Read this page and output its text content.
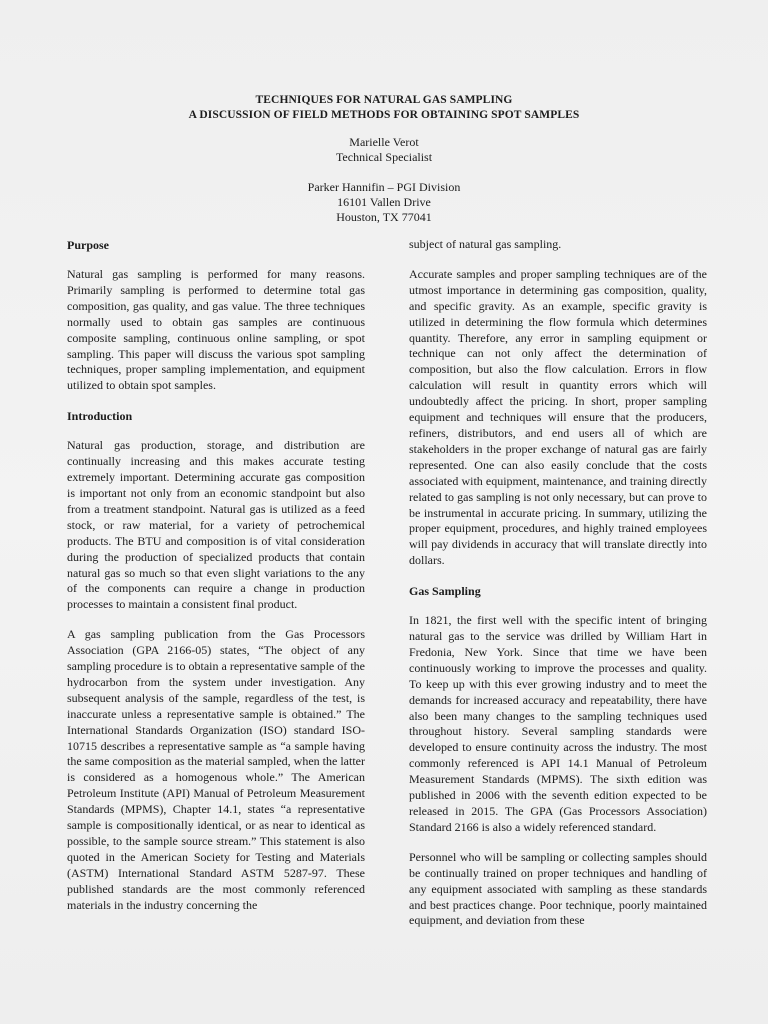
TECHNIQUES FOR NATURAL GAS SAMPLING
A DISCUSSION OF FIELD METHODS FOR OBTAINING SPOT SAMPLES
Marielle Verot
Technical Specialist
Parker Hannifin – PGI Division
16101 Vallen Drive
Houston, TX 77041

Purpose

Natural gas sampling is performed for many reasons. Primarily sampling is performed to determine total gas composition, gas quality, and gas value. The three techniques normally used to obtain gas samples are continuous composite sampling, continuous online sampling, or spot sampling. This paper will discuss the various spot sampling techniques, proper sampling implementation, and equipment utilized to obtain spot samples.

Introduction

Natural gas production, storage, and distribution are continually increasing and this makes accurate testing extremely important. Determining accurate gas composition is important not only from an economic standpoint but also from a treatment standpoint. Natural gas is utilized as a feed stock, or raw material, for a variety of petrochemical products. The BTU and composition is of vital consideration during the production of specialized products that contain natural gas so much so that even slight variations to the any of the components can require a change in production processes to maintain a consistent final product.

A gas sampling publication from the Gas Processors Association (GPA 2166-05) states, “The object of any sampling procedure is to obtain a representative sample of the hydrocarbon from the system under investigation. Any subsequent analysis of the sample, regardless of the test, is inaccurate unless a representative sample is obtained.” The International Standards Organization (ISO) standard ISO-10715 describes a representative sample as “a sample having the same composition as the material sampled, when the latter is considered as a homogenous whole.” The American Petroleum Institute (API) Manual of Petroleum Measurement Standards (MPMS), Chapter 14.1, states “a representative sample is compositionally identical, or as near to identical as possible, to the sample source stream.” This statement is also quoted in the American Society for Testing and Materials (ASTM) International Standard ASTM 5287-97. These published standards are the most commonly referenced materials in the industry concerning the

subject of natural gas sampling.

Accurate samples and proper sampling techniques are of the utmost importance in determining gas composition, quality, and specific gravity. As an example, specific gravity is utilized in determining the flow formula which determines quantity. Therefore, any error in sampling equipment or technique can not only affect the determination of composition, but also the flow calculation. Errors in flow calculation will result in quantity errors which will undoubtedly affect the pricing. In short, proper sampling equipment and techniques will ensure that the producers, refiners, distributors, and end users all of which are stakeholders in the proper exchange of natural gas are fairly represented. One can also easily conclude that the costs associated with equipment, maintenance, and training directly related to gas sampling is not only necessary, but can prove to be instrumental in accurate pricing. In summary, utilizing the proper equipment, procedures, and highly trained employees will pay dividends in accuracy that will translate directly into dollars.

Gas Sampling

In 1821, the first well with the specific intent of bringing natural gas to the service was drilled by William Hart in Fredonia, New York. Since that time we have been continuously working to improve the processes and quality. To keep up with this ever growing industry and to meet the demands for increased accuracy and repeatability, there have also been many changes to the sampling techniques used throughout history. Several sampling standards were developed to ensure continuity across the industry. The most commonly referenced is API 14.1 Manual of Petroleum Measurement Standards (MPMS). The sixth edition was published in 2006 with the seventh edition expected to be released in 2015. The GPA (Gas Processors Association) Standard 2166 is also a widely referenced standard.

Personnel who will be sampling or collecting samples should be continually trained on proper techniques and handling of any equipment associated with sampling as these standards and best practices change. Poor technique, poorly maintained equipment, and deviation from these
